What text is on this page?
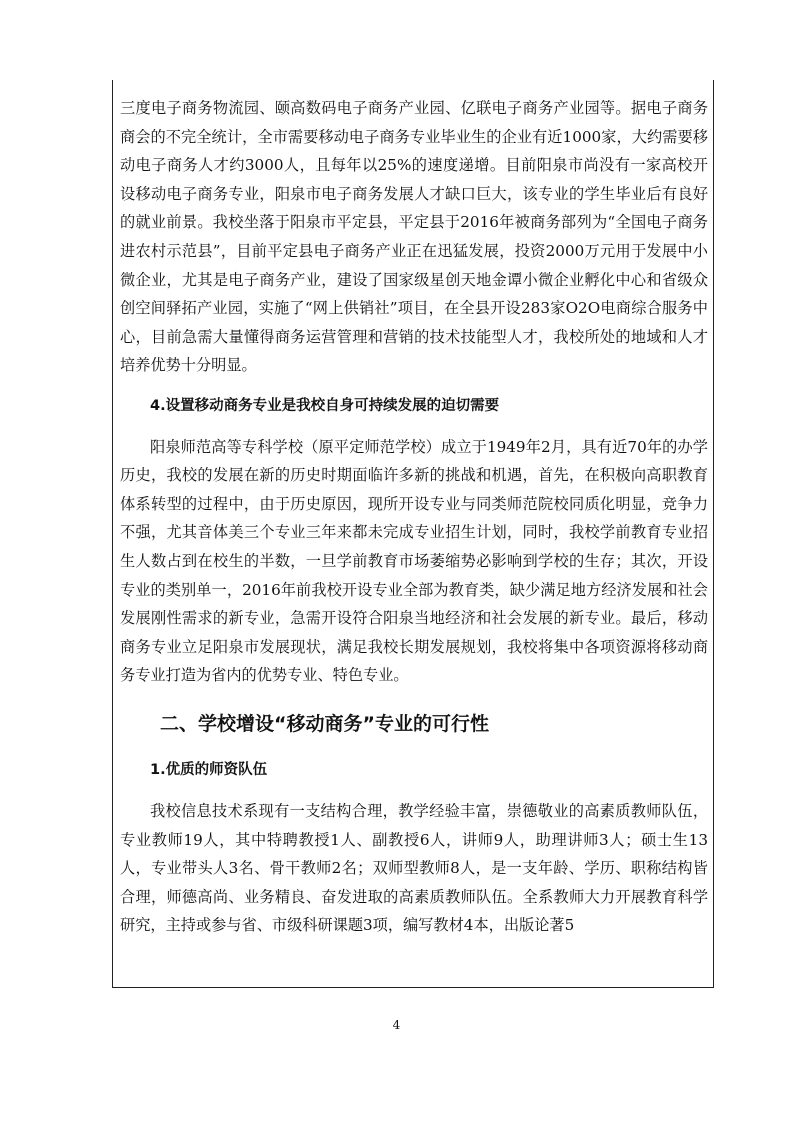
三度电子商务物流园、颐高数码电子商务产业园、亿联电子商务产业园等。据电子商务商会的不完全统计，全市需要移动电子商务专业毕业生的企业有近1000家，大约需要移动电子商务人才约3000人，且每年以25%的速度递增。目前阳泉市尚没有一家高校开设移动电子商务专业，阳泉市电子商务发展人才缺口巨大，该专业的学生毕业后有良好的就业前景。我校坐落于阳泉市平定县，平定县于2016年被商务部列为“全国电子商务进农村示范县”，目前平定县电子商务产业正在迅猛发展，投资2000万元用于发展中小微企业，尤其是电子商务产业，建设了国家级星创天地金谭小微企业孵化中心和省级众创空间驿拓产业园，实施了“网上供销社”项目，在全县开设283家O2O电商综合服务中心，目前急需大量懂得商务运营管理和营销的技术技能型人才，我校所处的地域和人才培养优势十分明显。

4.设置移动商务专业是我校自身可持续发展的迫切需要

阳泉师范高等专科学校（原平定师范学校）成立于1949年2月，具有近70年的办学历史，我校的发展在新的历史时期面临许多新的挑战和机遇，首先，在积极向高职教育体系转型的过程中，由于历史原因，现所开设专业与同类师范院校同质化明显，竞争力不强，尤其音体美三个专业三年来都未完成专业招生计划，同时，我校学前教育专业招生人数占到在校生的半数，一旦学前教育市场萎缩势必影响到学校的生存；其次，开设专业的类别单一，2016年前我校开设专业全部为教育类，缺少满足地方经济发展和社会发展刚性需求的新专业，急需开设符合阳泉当地经济和社会发展的新专业。最后，移动商务专业立足阳泉市发展现状，满足我校长期发展规划，我校将集中各项资源将移动商务专业打造为省内的优势专业、特色专业。

二、学校增设“移动商务”专业的可行性
1.优质的师资队伍

我校信息技术系现有一支结构合理，教学经验丰富，崇德敬业的高素质教师队伍，专业教师19人，其中特聘教授1人、副教授6人，讲师9人，助理讲师3人；硕士生13人，专业带头人3名、骨干教师2名；双师型教师8人，是一支年龄、学历、职称结构皆合理，师德高尚、业务精良、奋发进取的高素质教师队伍。全系教师大力开展教育科学研究，主持或参与省、市级科研课题3项，编写教材4本，出版论著5

4
